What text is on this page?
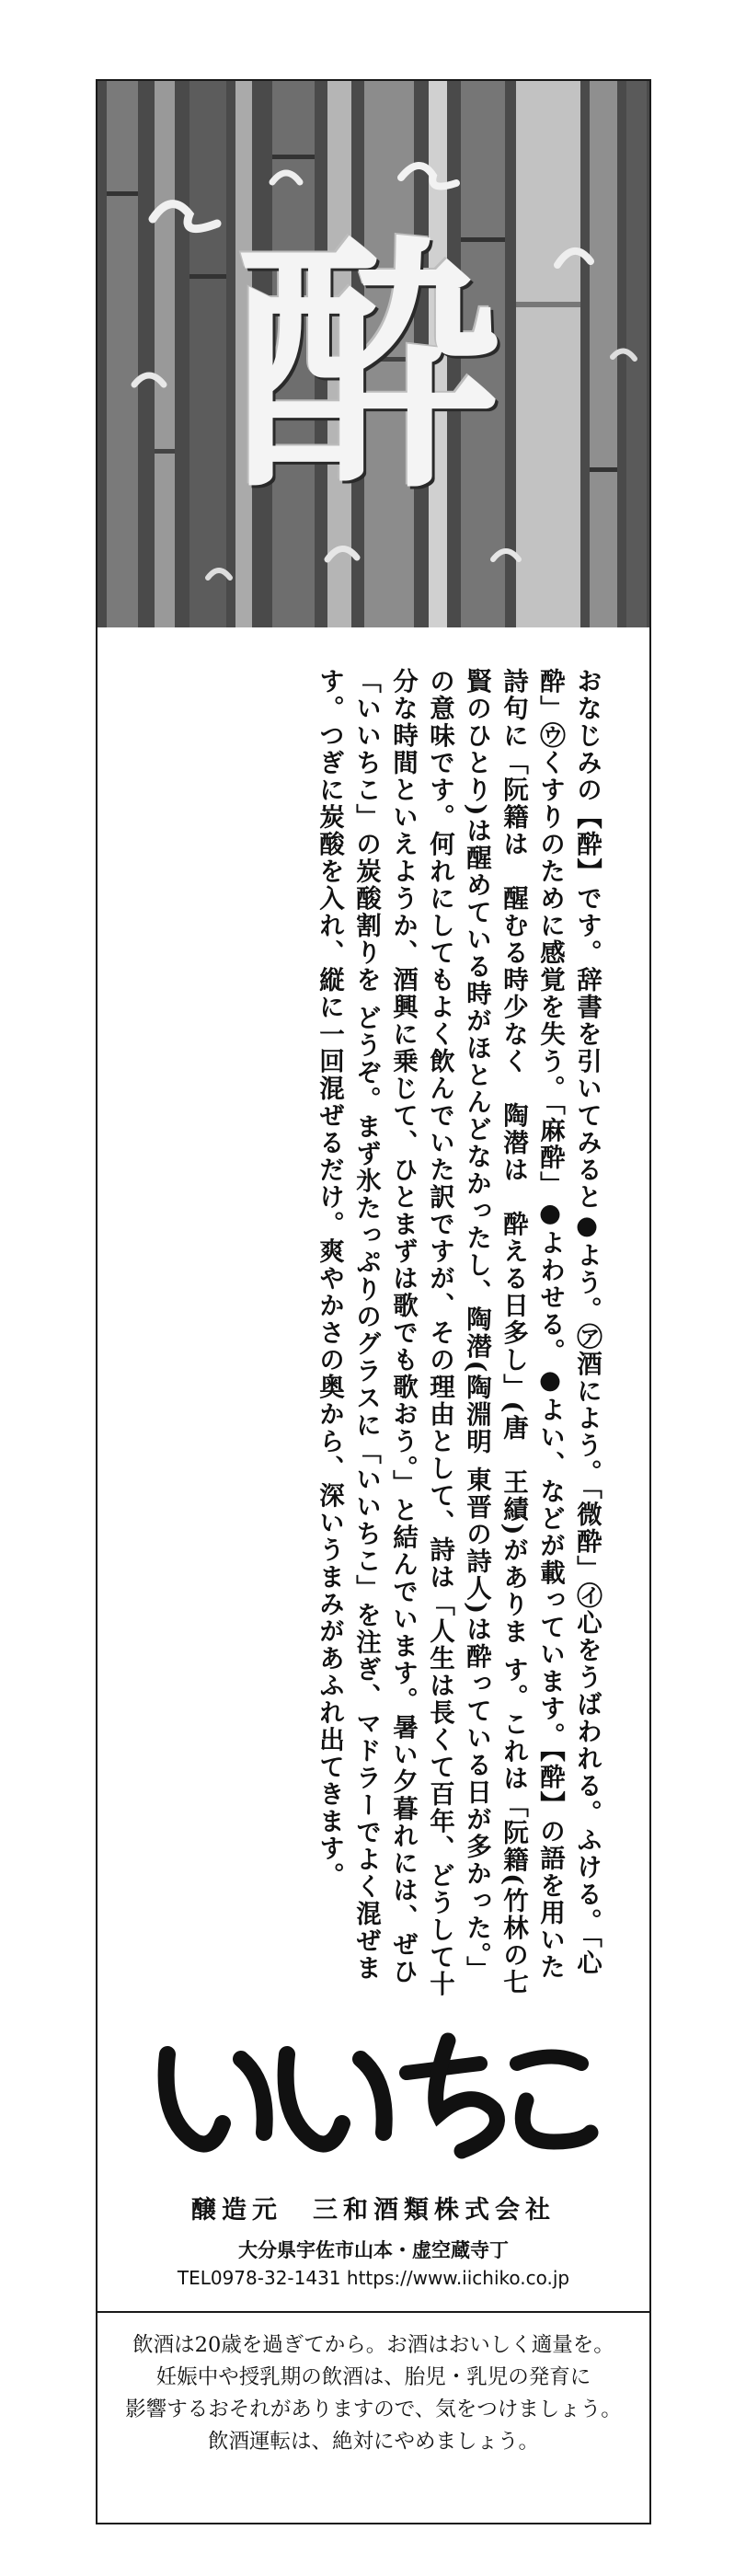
酔

おなじみの【酔】です。辞書を引いてみると●よう。㋐酒によう。「微酔」㋑心をうばわれる。ふける。「心酔」㋒くすりのために感覚を失う。「麻酔」●よわせる。●よい、などが載っています。【酔】の語を用いた詩句に「阮籍は　醒むる時少なく　陶潜は　酔える日多し」(唐　王績)がありま す。これは「阮籍(竹林の七賢のひとり)は醒めている時がほとんどなかったし、陶潜(陶淵明 東晋の詩人)は酔っている日が多かった。」の意味です。何れにしてもよく飲んでいた訳ですが、その理由として、詩は「人生は長くて百年、どうして十分な時間といえようか、酒興に乗じて、ひとまずは歌でも歌おう。」と結んでいます。暑い夕暮れには、ぜひ「いいちこ」の炭酸割りを どうぞ。まず氷たっぷりのグラスに「いいちこ」を注ぎ、マドラーでよく混ぜます。つぎに炭酸を入れ、縦に一回混ぜるだけ。爽やかさの奥から、深いうまみがあふれ出てきます。

醸造元　三和酒類株式会社
大分県宇佐市山本・虚空蔵寺丁
TEL0978-32-1431 https://www.iichiko.co.jp
飲酒は20歳を過ぎてから。お酒はおいしく適量を。
妊娠中や授乳期の飲酒は、胎児・乳児の発育に
影響するおそれがありますので、気をつけましょう。
飲酒運転は、絶対にやめましょう。
